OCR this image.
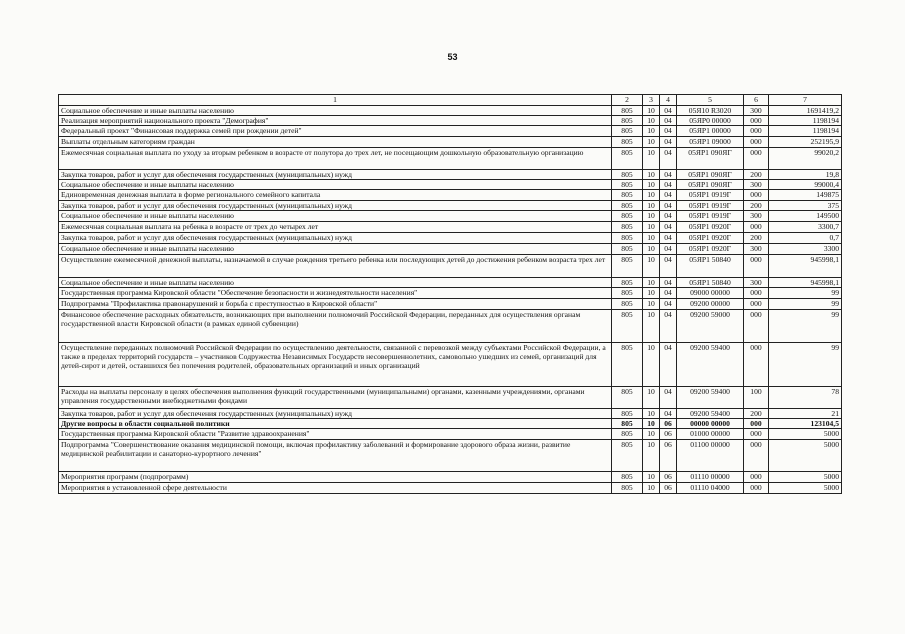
53
1	2	3	4	5	6	7
Социальное обеспечение и иные выплаты населению	805	10	04	05Я10 R3020	300	1691419,2
Реализация мероприятий национального проекта "Демография"	805	10	04	05ЯР0 00000	000	1198194
Федеральный проект "Финансовая поддержка семей при рождении детей"	805	10	04	05ЯР1 00000	000	1198194
Выплаты отдельным категориям граждан	805	10	04	05ЯР1 09000	000	252195,9
Ежемесячная социальная выплата по уходу за вторым ребенком в возрасте от полутора до трех лет, не посещающим дошкольную образовательную организацию	805	10	04	05ЯР1 090ЯГ	000	99020,2
Закупка товаров, работ и услуг для обеспечения государственных (муниципальных) нужд	805	10	04	05ЯР1 090ЯГ	200	19,8
Социальное обеспечение и иные выплаты населению	805	10	04	05ЯР1 090ЯГ	300	99000,4
Единовременная денежная выплата в форме регионального семейного капитала	805	10	04	05ЯР1 0919Г	000	149875
Закупка товаров, работ и услуг для обеспечения государственных (муниципальных) нужд	805	10	04	05ЯР1 0919Г	200	375
Социальное обеспечение и иные выплаты населению	805	10	04	05ЯР1 0919Г	300	149500
Ежемесячная социальная выплата на ребенка в возрасте от трех до четырех лет	805	10	04	05ЯР1 0920Г	000	3300,7
Закупка товаров, работ и услуг для обеспечения государственных (муниципальных) нужд	805	10	04	05ЯР1 0920Г	200	0,7
Социальное обеспечение и иные выплаты населению	805	10	04	05ЯР1 0920Г	300	3300
Осуществление ежемесячной денежной выплаты, назначаемой в случае рождения третьего ребенка или последующих детей до достижения ребенком возраста трех лет	805	10	04	05ЯР1 50840	000	945998,1
Социальное обеспечение и иные выплаты населению	805	10	04	05ЯР1 50840	300	945998,1
Государственная программа Кировской области "Обеспечение безопасности и жизнедеятельности населения"	805	10	04	09000 00000	000	99
Подпрограмма "Профилактика правонарушений и борьба с преступностью в Кировской области"	805	10	04	09200 00000	000	99
Финансовое обеспечение расходных обязательств, возникающих при выполнении полномочий Российской Федерации, переданных для осуществления органам государственной власти Кировской области (в рамках единой субвенции)	805	10	04	09200 59000	000	99
Осуществление переданных полномочий Российской Федерации по осуществлению деятельности, связанной с перевозкой между субъектами Российской Федерации, а также в пределах территорий государств – участников Содружества Независимых Государств несовершеннолетних, самовольно ушедших из семей, организаций для детей-сирот и детей, оставшихся без попечения родителей, образовательных организаций и иных организаций	805	10	04	09200 59400	000	99
Расходы на выплаты персоналу в целях обеспечения выполнения функций государственными (муниципальными) органами, казенными учреждениями, органами управления государственными внебюджетными фондами	805	10	04	09200 59400	100	78
Закупка товаров, работ и услуг для обеспечения государственных (муниципальных) нужд	805	10	04	09200 59400	200	21
Другие вопросы в области социальной политики	805	10	06	00000 00000	000	123104,5
Государственная программа Кировской области "Развитие здравоохранения"	805	10	06	01000 00000	000	5000
Подпрограмма "Совершенствование оказания медицинской помощи, включая профилактику заболеваний и формирование здорового образа жизни, развитие медицинской реабилитации и санаторно-курортного лечения"	805	10	06	01100 00000	000	5000
Мероприятия программ (подпрограмм)	805	10	06	01110 00000	000	5000
Мероприятия в установленной сфере деятельности	805	10	06	01110 04000	000	5000
